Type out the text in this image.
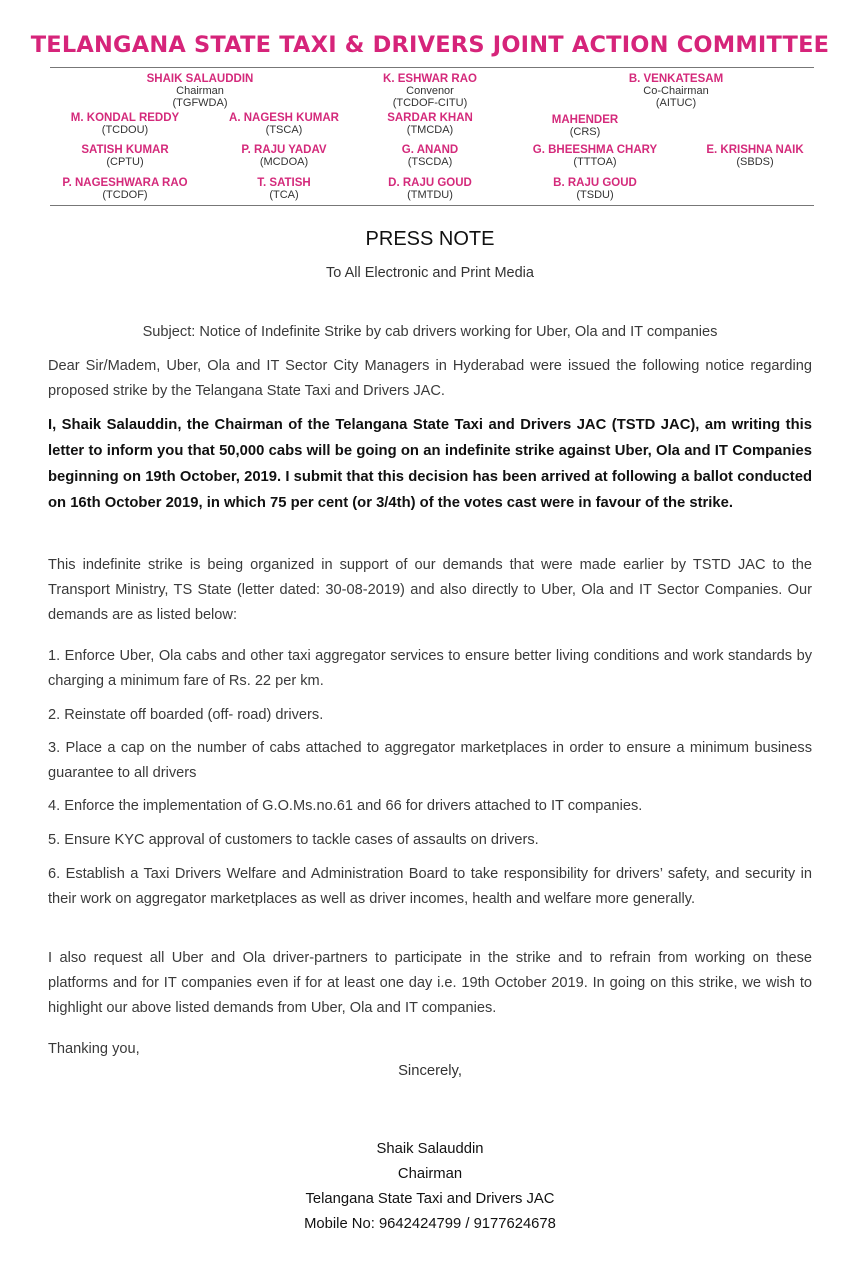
TELANGANA STATE TAXI & DRIVERS JOINT ACTION COMMITTEE
SHAIK SALAUDDIN
Chairman
(TGFWDA)
K. ESHWAR RAO
Convenor
(TCDOF-CITU)
B. VENKATESAM
Co-Chairman
(AITUC)
M. KONDAL REDDY
(TCDOU)
A. NAGESH KUMAR
(TSCA)
SARDAR KHAN
(TMCDA)
MAHENDER
(CRS)
SATISH KUMAR
(CPTU)
P. RAJU YADAV
(MCDOA)
G. ANAND
(TSCDA)
G. BHEESHMA CHARY
(TTTOA)
E. KRISHNA NAIK
(SBDS)
P. NAGESHWARA RAO
(TCDOF)
T. SATISH
(TCA)
D. RAJU GOUD
(TMTDU)
B. RAJU GOUD
(TSDU)
PRESS NOTE
To All Electronic and Print Media
Subject: Notice of Indefinite Strike by cab drivers working for Uber, Ola and IT companies
Dear Sir/Madem, Uber, Ola and IT Sector City Managers in Hyderabad were issued the following notice regarding proposed strike by the Telangana State Taxi and Drivers JAC.
I, Shaik Salauddin, the Chairman of the Telangana State Taxi and Drivers JAC (TSTD JAC), am writing this letter to inform you that 50,000 cabs will be going on an indefinite strike against Uber, Ola and IT Companies beginning on 19th October, 2019. I submit that this decision has been arrived at following a ballot conducted on 16th October 2019, in which 75 per cent (or 3/4th) of the votes cast were in favour of the strike.
This indefinite strike is being organized in support of our demands that were made earlier by TSTD JAC to the Transport Ministry, TS State (letter dated: 30-08-2019) and also directly to Uber, Ola and IT Sector Companies. Our demands are as listed below:
1. Enforce Uber, Ola cabs and other taxi aggregator services to ensure better living conditions and work standards by charging a minimum fare of Rs. 22 per km.
2. Reinstate off boarded (off- road) drivers.
3. Place a cap on the number of cabs attached to aggregator marketplaces in order to ensure a minimum business guarantee to all drivers
4. Enforce the implementation of G.O.Ms.no.61 and 66 for drivers attached to IT companies.
5. Ensure KYC approval of customers to tackle cases of assaults on drivers.
6. Establish a Taxi Drivers Welfare and Administration Board to take responsibility for drivers’ safety, and security in their work on aggregator marketplaces as well as driver incomes, health and welfare more generally.
I also request all Uber and Ola driver-partners to participate in the strike and to refrain from working on these platforms and for IT companies even if for at least one day i.e. 19th October 2019. In going on this strike, we wish to highlight our above listed demands from Uber, Ola and IT companies.
Thanking you,
Sincerely,
Shaik Salauddin
Chairman
Telangana State Taxi and Drivers JAC
Mobile No: 9642424799 / 9177624678
